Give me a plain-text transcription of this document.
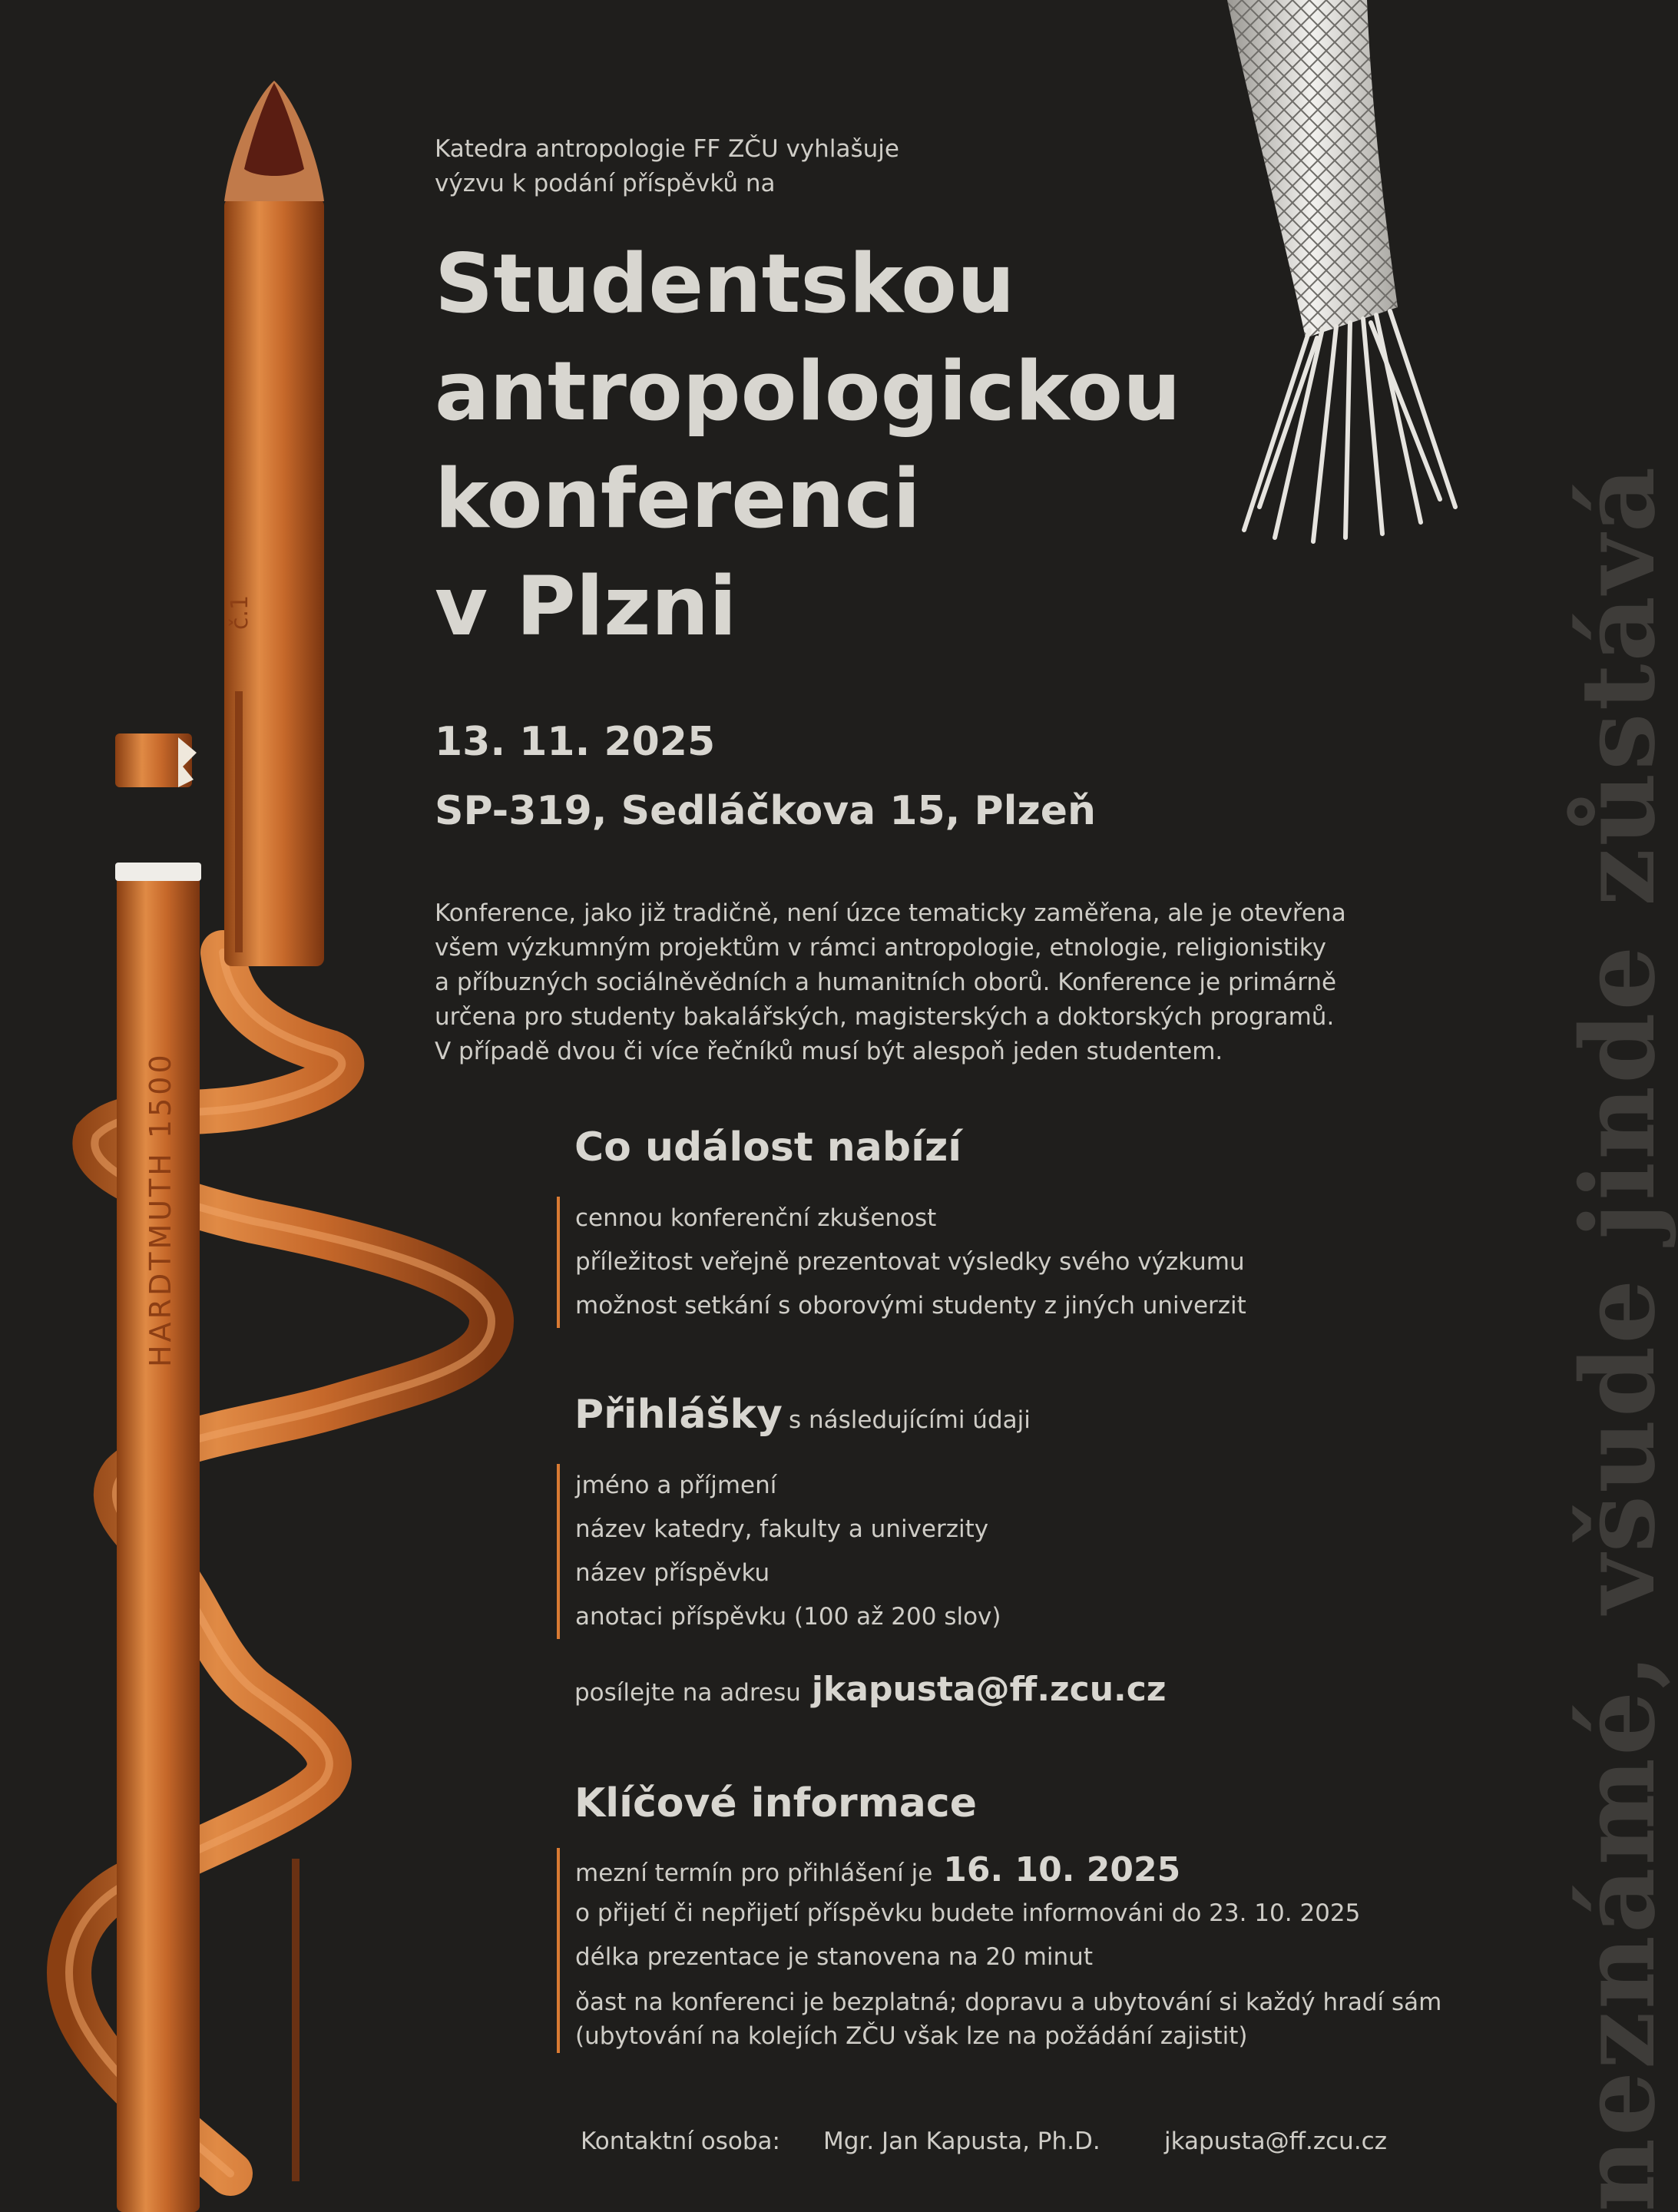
HARDTMUTH 1500
č.1	neznámé, všude jinde zůstává
Katedra antropologie FF ZČU vyhlašuje
výzvu k podání příspěvků na
Studentskou
antropologickou
konferenci
v Plzni
13. 11. 2025
SP-319, Sedláčkova 15, Plzeň
Konference, jako již tradičně, není úzce tematicky zaměřena, ale je otevřena
všem výzkumným projektům v rámci antropologie, etnologie, religionistiky
a příbuzných sociálněvědních a humanitních oborů. Konference je primárně
určena pro studenty bakalářských, magisterských a doktorských programů.
V případě dvou či více řečníků musí být alespoň jeden studentem.
Co událost nabízí
cennou konferenční zkušenost
příležitost veřejně prezentovat výsledky svého výzkumu
možnost setkání s oborovými studenty z jiných univerzit
Přihlášky s následujícími údaji
jméno a příjmení
název katedry, fakulty a univerzity
název příspěvku
anotaci příspěvku (100 až 200 slov)
posílejte na adresu jkapusta@ff.zcu.cz
Klíčové informace
mezní termín pro přihlášení je 16. 10. 2025
o přijetí či nepřijetí příspěvku budete informováni do 23. 10. 2025
délka prezentace je stanovena na 20 minut
ǒast na konferenci je bezplatná; dopravu a ubytování si každý hradí sám (ubytování na kolejích ZČU však lze na požádání zajistit)
Kontaktní osoba: Mgr. Jan Kapusta, Ph.D.	jkapusta@ff.zcu.cz
